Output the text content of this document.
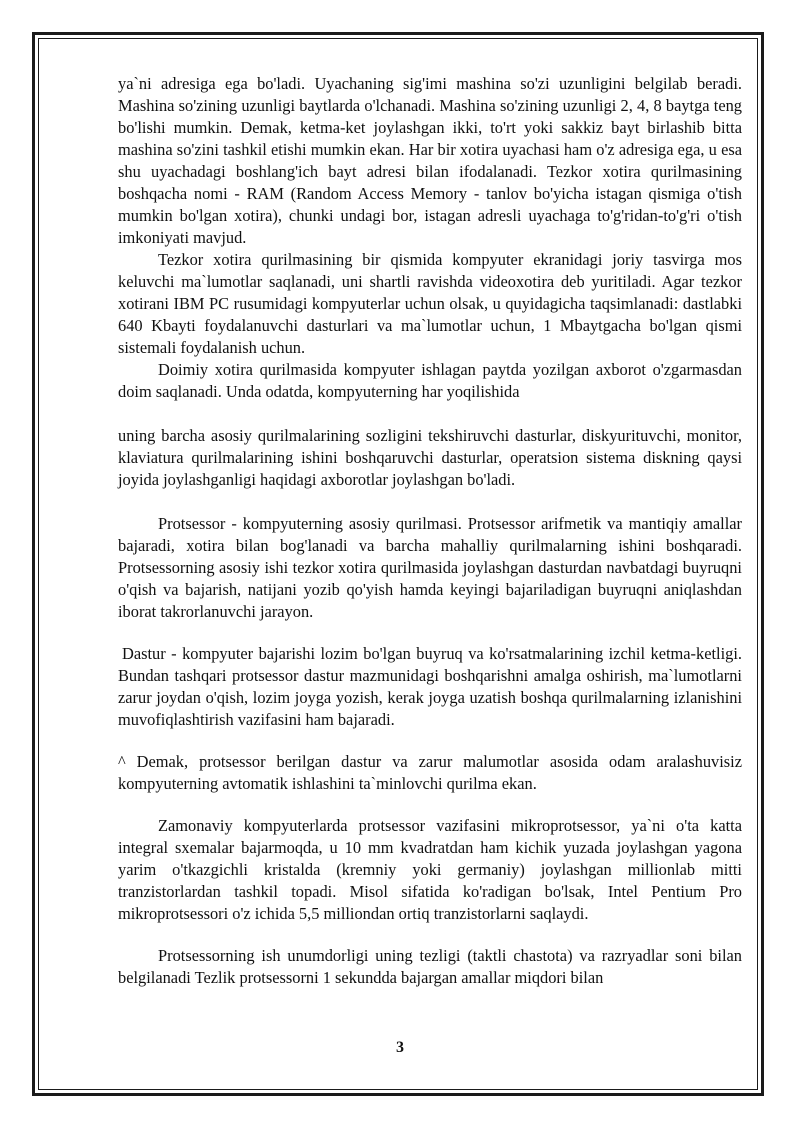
ya`ni adresiga ega bo'ladi. Uyachaning sig'imi mashina so'zi uzunligini belgilab beradi. Mashina so'zining uzunligi baytlarda o'lchanadi. Mashina so'zining uzunligi 2, 4, 8 baytga teng bo'lishi mumkin. Demak, ketma-ket joylashgan ikki, to'rt yoki sakkiz bayt birlashib bitta mashina so'zini tashkil etishi mumkin ekan. Har bir xotira uyachasi ham o'z adresiga ega, u esa shu uyachadagi boshlang'ich bayt adresi bilan ifodalanadi. Tezkor xotira qurilmasining boshqacha nomi - RAM (Random Access Memory - tanlov bo'yicha istagan qismiga o'tish mumkin bo'lgan xotira), chunki undagi bor, istagan adresli uyachaga to'g'ridan-to'g'ri o'tish imkoniyati mavjud.

Tezkor xotira qurilmasining bir qismida kompyuter ekranidagi joriy tasvirga mos keluvchi ma`lumotlar saqlanadi, uni shartli ravishda videoxotira deb yuritiladi. Agar tezkor xotirani IBM PC rusumidagi kompyuterlar uchun olsak, u quyidagicha taqsimlanadi: dastlabki 640 Kbayti foydalanuvchi dasturlari va ma`lumotlar uchun, 1 Mbaytgacha bo'lgan qismi sistemali foydalanish uchun.

Doimiy xotira qurilmasida kompyuter ishlagan paytda yozilgan axborot o'zgarmasdan doim saqlanadi. Unda odatda, kompyuterning har yoqilishida

uning barcha asosiy qurilmalarining sozligini tekshiruvchi dasturlar, diskyurituvchi, monitor, klaviatura qurilmalarining ishini boshqaruvchi dasturlar, operatsion sistema diskning qaysi joyida joylashganligi haqidagi axborotlar joylashgan bo'ladi.

Protsessor - kompyuterning asosiy qurilmasi. Protsessor arifmetik va mantiqiy amallar bajaradi, xotira bilan bog'lanadi va barcha mahalliy qurilmalarning ishini boshqaradi. Protsessorning asosiy ishi tezkor xotira qurilmasida joylashgan dasturdan navbatdagi buyruqni o'qish va bajarish, natijani yozib qo'yish hamda keyingi bajariladigan buyruqni aniqlashdan iborat takrorlanuvchi jarayon.

Dastur - kompyuter bajarishi lozim bo'lgan buyruq va ko'rsatmalarining izchil ketma-ketligi. Bundan tashqari protsessor dastur mazmunidagi boshqarishni amalga oshirish, ma`lumotlarni zarur joydan o'qish, lozim joyga yozish, kerak joyga uzatish boshqa qurilmalarning izlanishini muvofiqlashtirish vazifasini ham bajaradi.

^ Demak, protsessor berilgan dastur va zarur malumotlar asosida odam aralashuvisiz kompyuterning avtomatik ishlashini ta`minlovchi qurilma ekan.

Zamonaviy kompyuterlarda protsessor vazifasini mikroprotsessor, ya`ni o'ta katta integral sxemalar bajarmoqda, u 10 mm kvadratdan ham kichik yuzada joylashgan yagona yarim o'tkazgichli kristalda (kremniy yoki germaniy) joylashgan millionlab mitti tranzistorlardan tashkil topadi. Misol sifatida ko'radigan bo'lsak, Intel Pentium Pro mikroprotsessori o'z ichida 5,5 milliondan ortiq tranzistorlarni saqlaydi.

Protsessorning ish unumdorligi uning tezligi (taktli chastota) va razryadlar soni bilan belgilanadi Tezlik protsessorni 1 sekundda bajargan amallar miqdori bilan

3
